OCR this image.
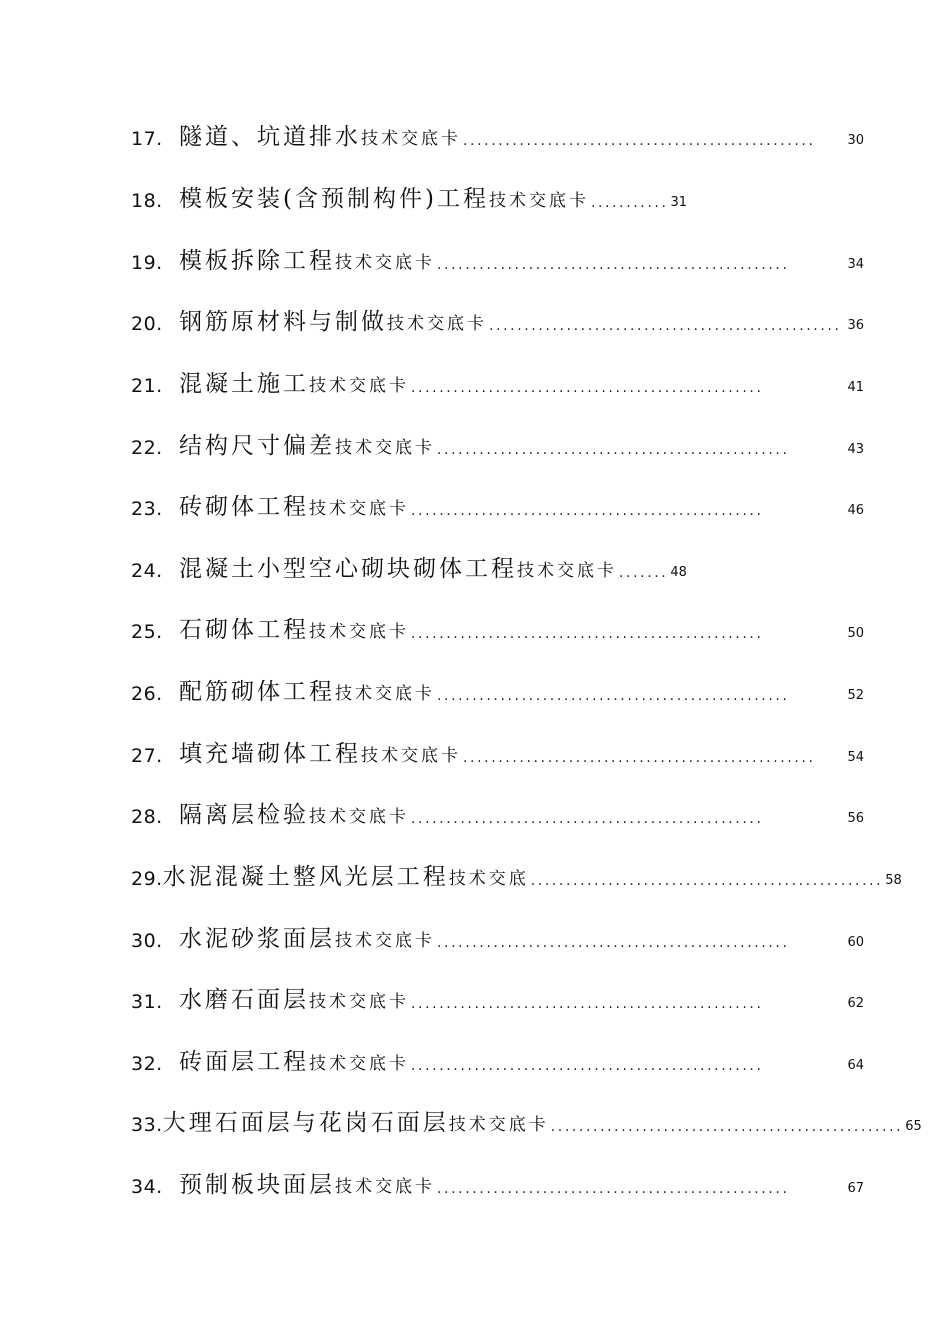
17. 隧道、坑道排水 技术交底卡 ..................................................	30
18. 模板安装(含预制构件)工程 技术交底卡 ........... 31
19. 模板拆除工程 技术交底卡 ..................................................	34
20. 钢筋原材料与制做 技术交底卡 .................................................. 36
21. 混凝土施工 技术交底卡 ..................................................	41
22. 结构尺寸偏差 技术交底卡 ..................................................	43
23. 砖砌体工程 技术交底卡 ..................................................	46
24. 混凝土小型空心砌块砌体工程 技术交底卡 ....... 48
25. 石砌体工程 技术交底卡 ..................................................	50
26. 配筋砌体工程 技术交底卡 ..................................................	52
27. 填充墙砌体工程 技术交底卡 ..................................................	54
28. 隔离层检验 技术交底卡 ..................................................	56
29. 水泥混凝土整风光层工程 技术交底 .................................................. 58
30. 水泥砂浆面层 技术交底卡 ..................................................	60
31. 水磨石面层 技术交底卡 ..................................................	62
32. 砖面层工程 技术交底卡 ..................................................	64
33. 大理石面层与花岗石面层 技术交底卡 .................................................. 65
34. 预制板块面层 技术交底卡 ..................................................	67
